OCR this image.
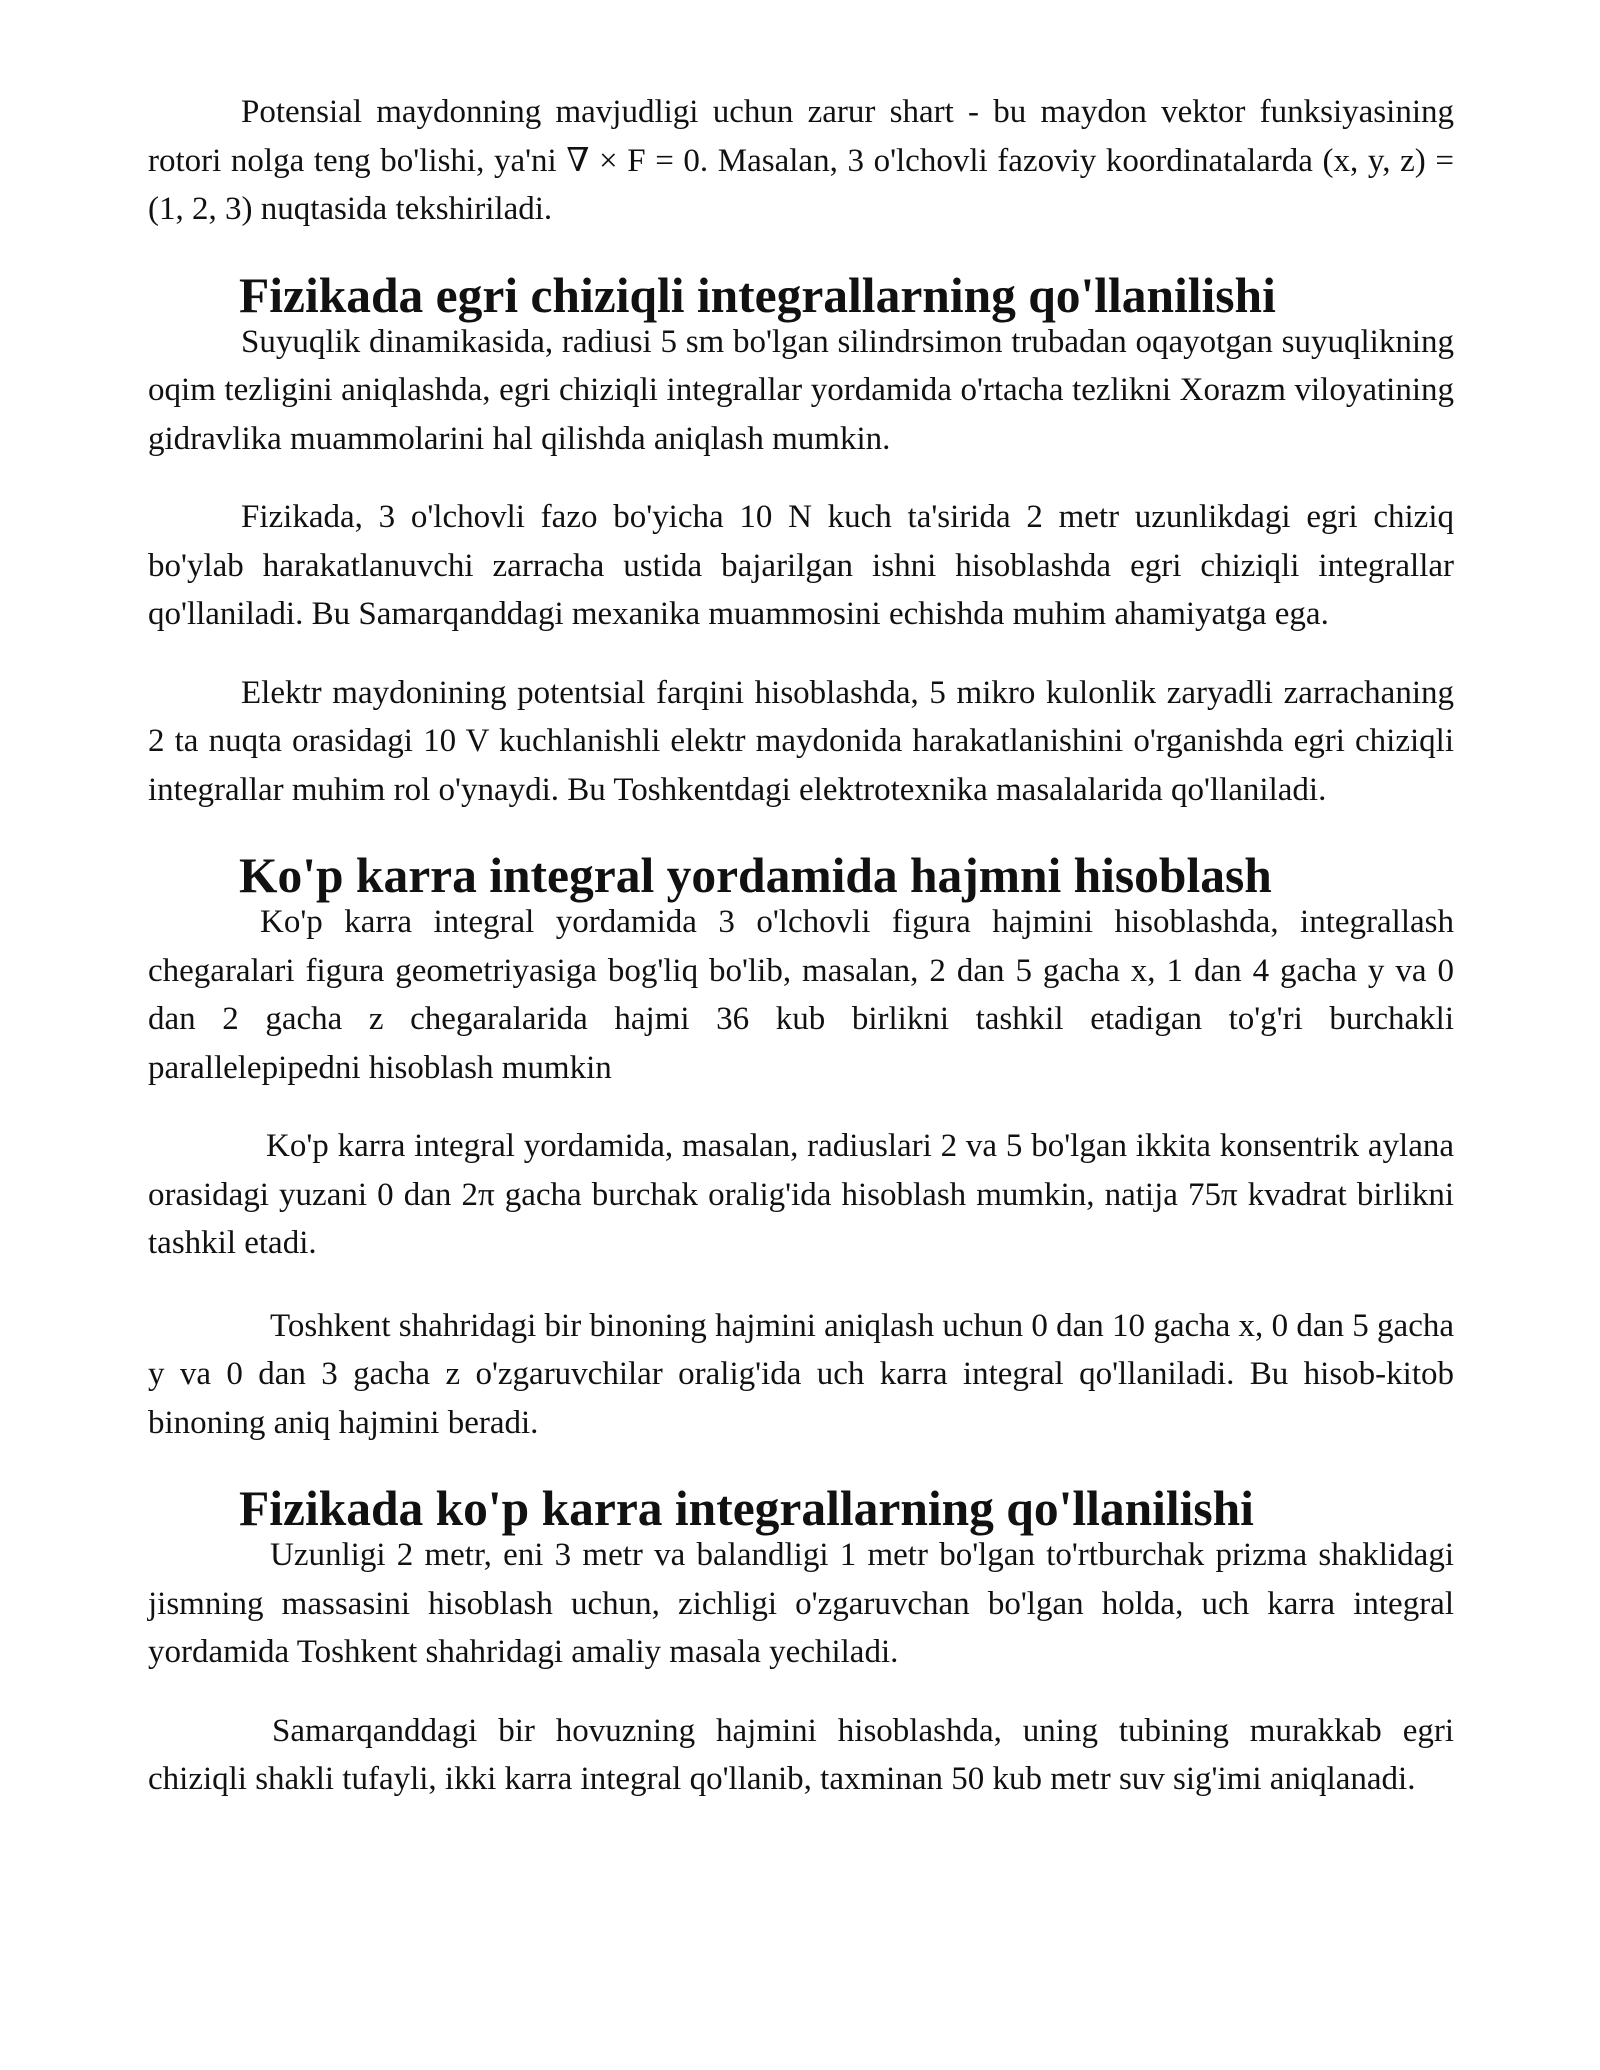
Potensial maydonning mavjudligi uchun zarur shart - bu maydon vektor funksiyasining rotori nolga teng bo'lishi, ya'ni ∇ × F = 0. Masalan, 3 o'lchovli fazoviy koordinatalarda (x, y, z) = (1, 2, 3) nuqtasida tekshiriladi.

Fizikada egri chiziqli integrallarning qo'llanilishi

Suyuqlik dinamikasida, radiusi 5 sm bo'lgan silindrsimon trubadan oqayotgan suyuqlikning oqim tezligini aniqlashda, egri chiziqli integrallar yordamida o'rtacha tezlikni Xorazm viloyatining gidravlika muammolarini hal qilishda aniqlash mumkin.

Fizikada, 3 o'lchovli fazo bo'yicha 10 N kuch ta'sirida 2 metr uzunlikdagi egri chiziq bo'ylab harakatlanuvchi zarracha ustida bajarilgan ishni hisoblashda egri chiziqli integrallar qo'llaniladi. Bu Samarqanddagi mexanika muammosini echishda muhim ahamiyatga ega.

Elektr maydonining potentsial farqini hisoblashda, 5 mikro kulonlik zaryadli zarrachaning 2 ta nuqta orasidagi 10 V kuchlanishli elektr maydonida harakatlanishini o'rganishda egri chiziqli integrallar muhim rol o'ynaydi. Bu Toshkentdagi elektrotexnika masalalarida qo'llaniladi.

Ko'p karra integral yordamida hajmni hisoblash

Ko'p karra integral yordamida 3 o'lchovli figura hajmini hisoblashda, integrallash chegaralari figura geometriyasiga bog'liq bo'lib, masalan, 2 dan 5 gacha x, 1 dan 4 gacha y va 0 dan 2 gacha z chegaralarida hajmi 36 kub birlikni tashkil etadigan to'g'ri burchakli parallelepipedni hisoblash mumkin

Ko'p karra integral yordamida, masalan, radiuslari 2 va 5 bo'lgan ikkita konsentrik aylana orasidagi yuzani 0 dan 2π gacha burchak oralig'ida hisoblash mumkin, natija 75π kvadrat birlikni tashkil etadi.

Toshkent shahridagi bir binoning hajmini aniqlash uchun 0 dan 10 gacha x, 0 dan 5 gacha y va 0 dan 3 gacha z o'zgaruvchilar oralig'ida uch karra integral qo'llaniladi. Bu hisob-kitob binoning aniq hajmini beradi.

Fizikada ko'p karra integrallarning qo'llanilishi

Uzunligi 2 metr, eni 3 metr va balandligi 1 metr bo'lgan to'rtburchak prizma shaklidagi jismning massasini hisoblash uchun, zichligi o'zgaruvchan bo'lgan holda, uch karra integral yordamida Toshkent shahridagi amaliy masala yechiladi.

Samarqanddagi bir hovuzning hajmini hisoblashda, uning tubining murakkab egri chiziqli shakli tufayli, ikki karra integral qo'llanib, taxminan 50 kub metr suv sig'imi aniqlanadi.
